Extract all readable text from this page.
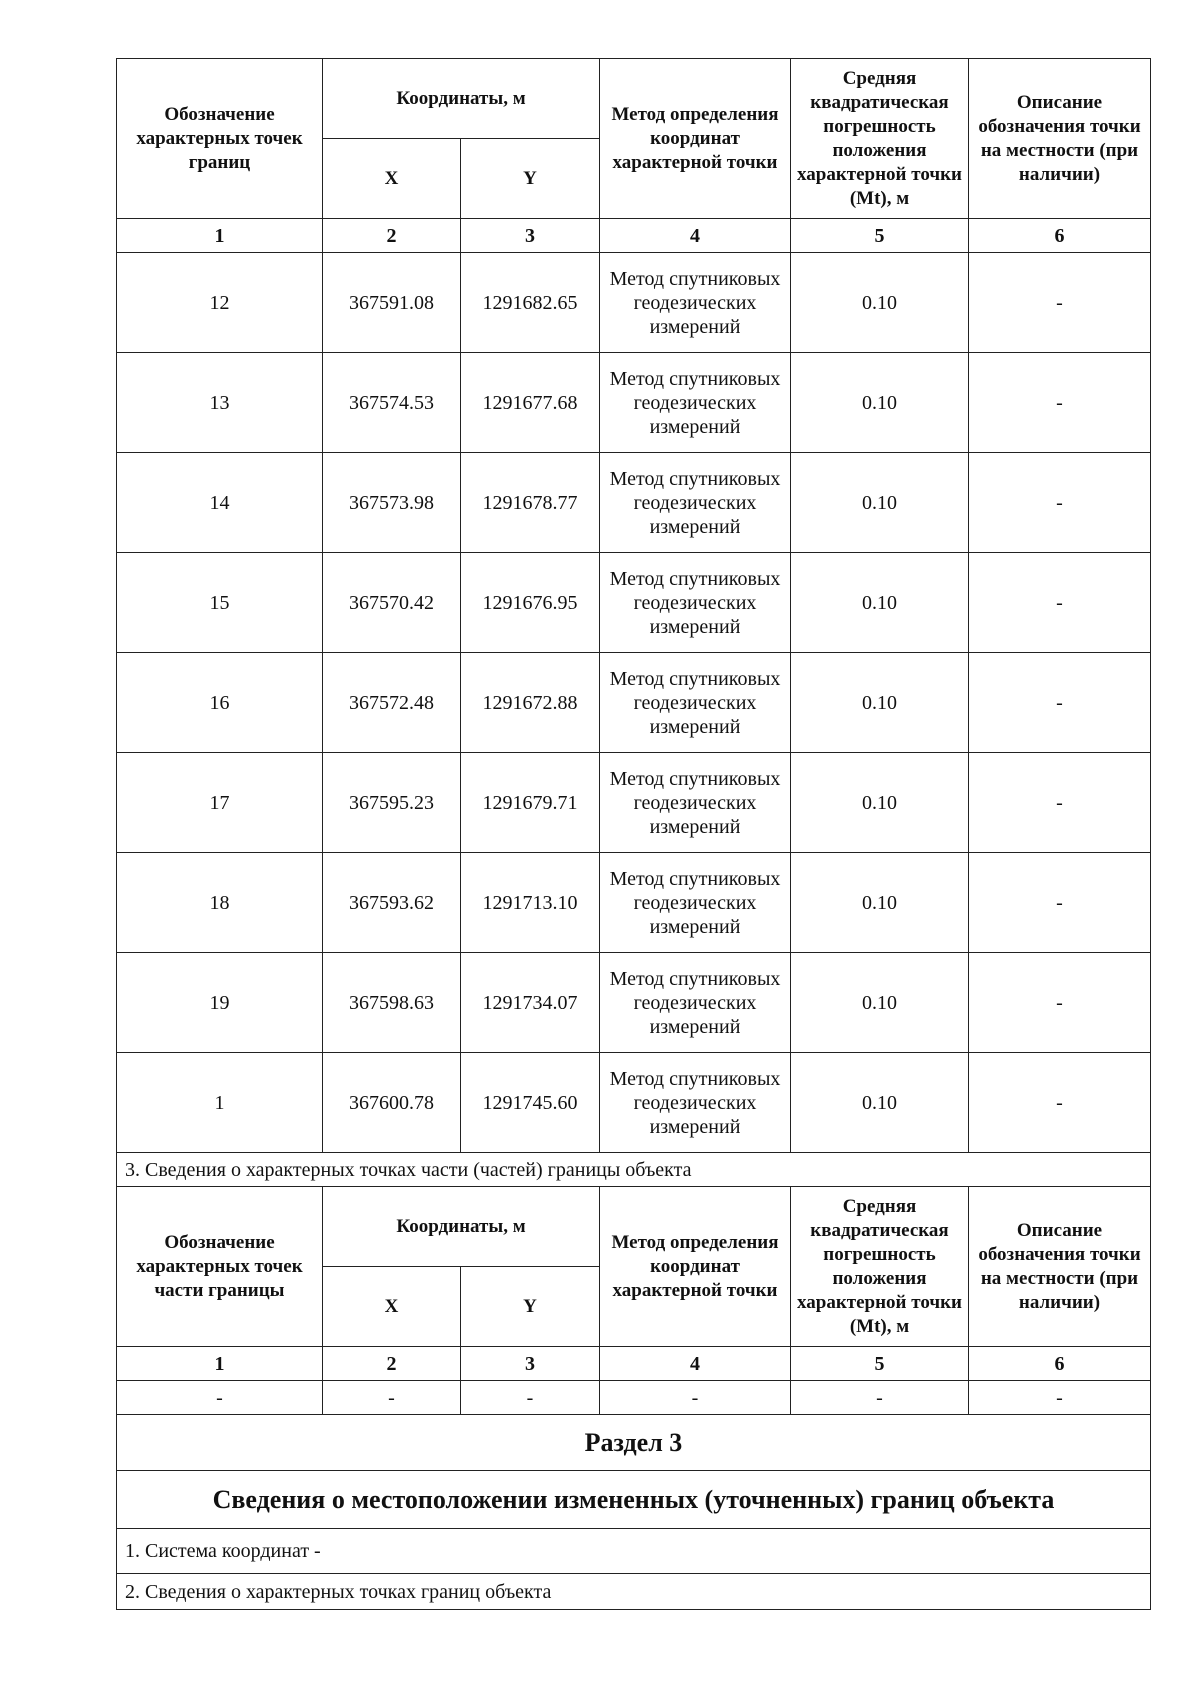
Обозначение характерных точек границ	Координаты, м		Метод определения координат характерной точки	Средняя квадратическая погрешность положения характерной точки (Mt), м	Описание обозначения точки на местности (при наличии)
	X	Y			
1	2	3	4	5	6
12	367591.08	1291682.65	Метод спутниковых геодезических измерений	0.10	-
13	367574.53	1291677.68	Метод спутниковых геодезических измерений	0.10	-
14	367573.98	1291678.77	Метод спутниковых геодезических измерений	0.10	-
15	367570.42	1291676.95	Метод спутниковых геодезических измерений	0.10	-
16	367572.48	1291672.88	Метод спутниковых геодезических измерений	0.10	-
17	367595.23	1291679.71	Метод спутниковых геодезических измерений	0.10	-
18	367593.62	1291713.10	Метод спутниковых геодезических измерений	0.10	-
19	367598.63	1291734.07	Метод спутниковых геодезических измерений	0.10	-
1	367600.78	1291745.60	Метод спутниковых геодезических измерений	0.10	-
3. Сведения о характерных точках части (частей) границы объекта					
Обозначение характерных точек части границы	Координаты, м		Метод определения координат характерной точки	Средняя квадратическая погрешность положения характерной точки (Mt), м	Описание обозначения точки на местности (при наличии)
	X	Y			
1	2	3	4	5	6
-	-	-	-	-	-
Раздел 3					
Сведения о местоположении измененных (уточненных) границ объекта					
1. Система координат -					
2. Сведения о характерных точках границ объекта					
